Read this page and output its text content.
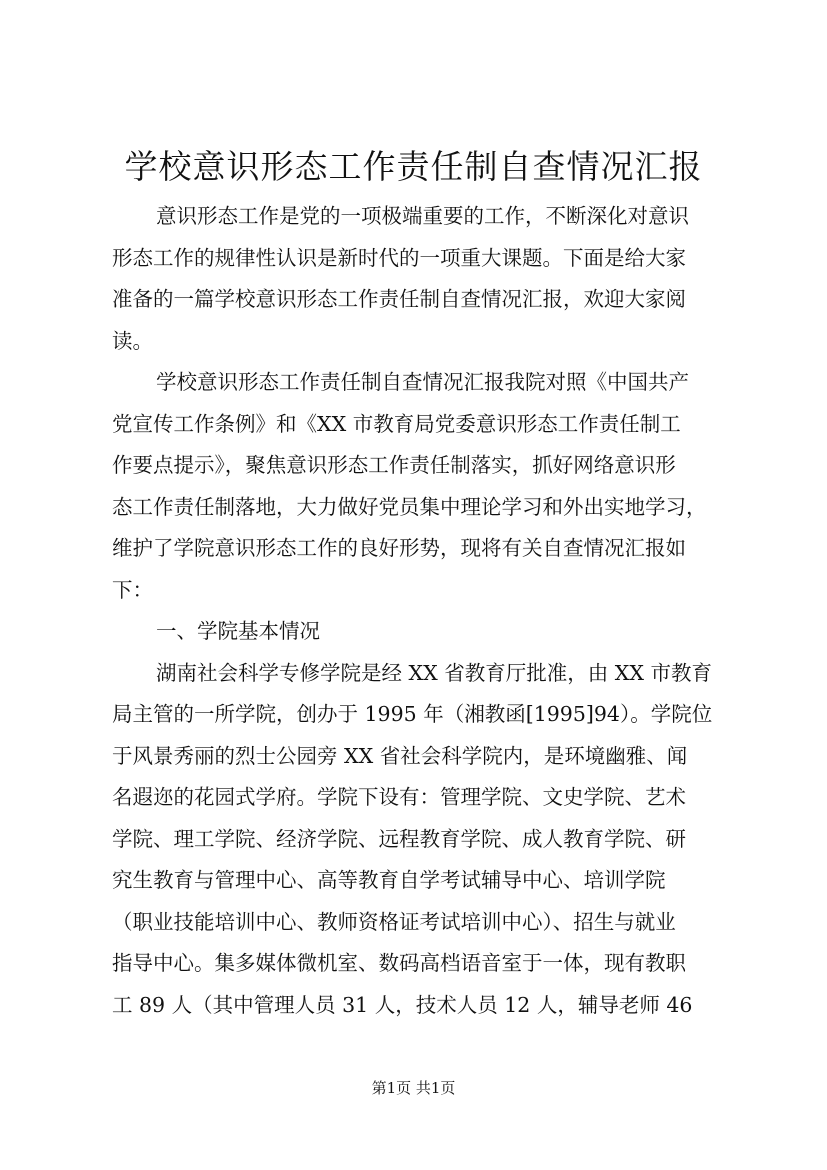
学校意识形态工作责任制自查情况汇报
意识形态工作是党的一项极端重要的工作，不断深化对意识
形态工作的规律性认识是新时代的一项重大课题。下面是给大家
准备的一篇学校意识形态工作责任制自查情况汇报，欢迎大家阅
读。
学校意识形态工作责任制自查情况汇报我院对照《中国共产
党宣传工作条例》和《XX 市教育局党委意识形态工作责任制工
作要点提示》，聚焦意识形态工作责任制落实，抓好网络意识形
态工作责任制落地，大力做好党员集中理论学习和外出实地学习，
维护了学院意识形态工作的良好形势，现将有关自查情况汇报如
下：
一、学院基本情况
湖南社会科学专修学院是经 XX 省教育厅批准，由 XX 市教育
局主管的一所学院，创办于 1995 年（湘教函[1995]94）。学院位
于风景秀丽的烈士公园旁 XX 省社会科学院内，是环境幽雅、闻
名遐迩的花园式学府。学院下设有：管理学院、文史学院、艺术
学院、理工学院、经济学院、远程教育学院、成人教育学院、研
究生教育与管理中心、高等教育自学考试辅导中心、培训学院
（职业技能培训中心、教师资格证考试培训中心）、招生与就业
指导中心。集多媒体微机室、数码高档语音室于一体，现有教职
工 89 人（其中管理人员 31 人，技术人员 12 人，辅导老师 46
第1页 共1页
